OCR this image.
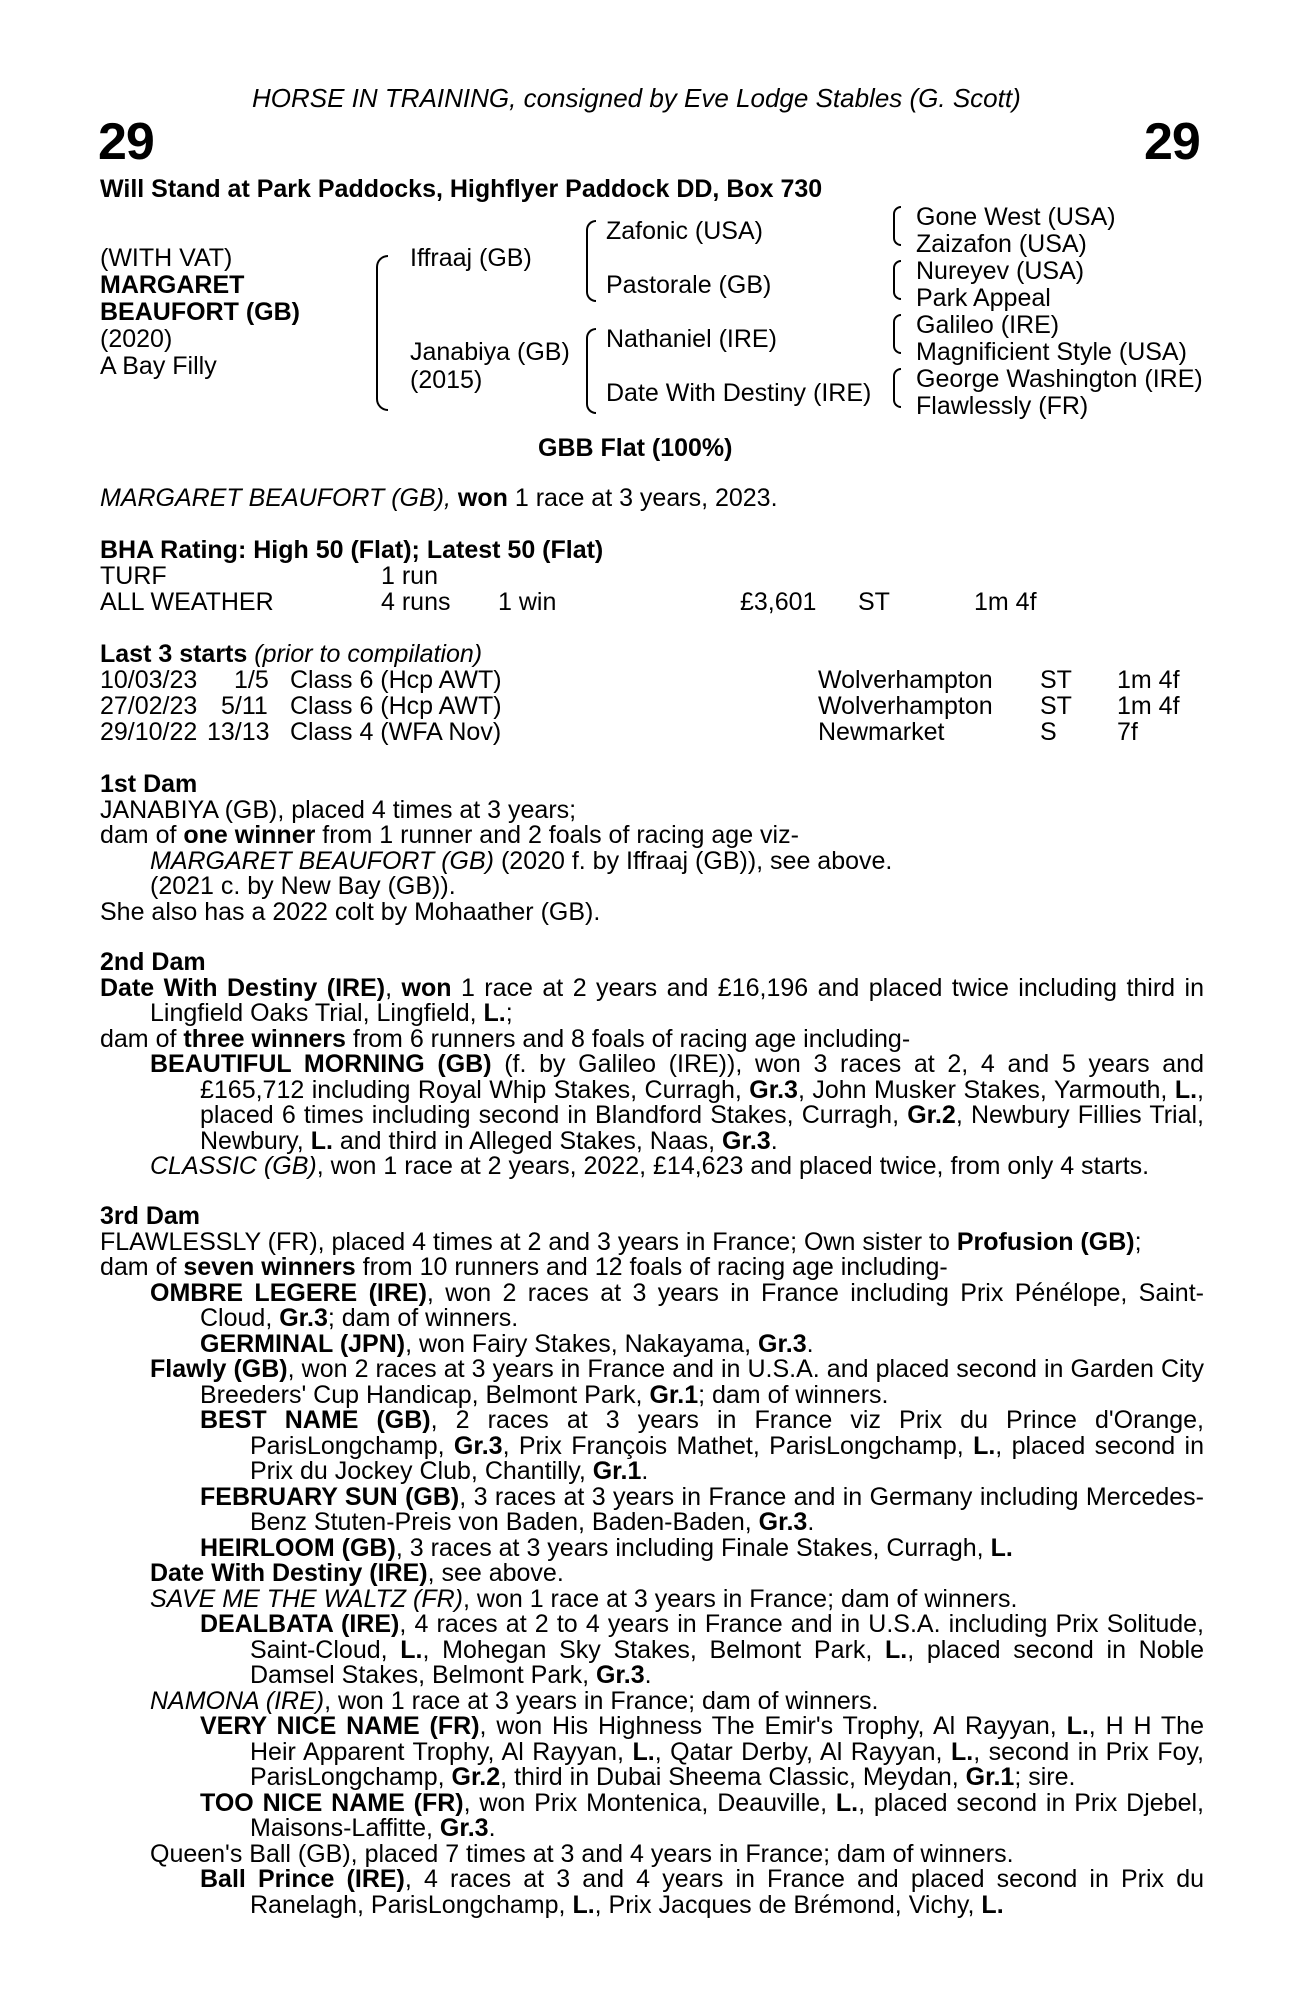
HORSE IN TRAINING, consigned by Eve Lodge Stables (G. Scott)
29	29
Will Stand at Park Paddocks, Highflyer Paddock DD, Box 730
(WITH VAT)
MARGARET
BEAUFORT (GB)
(2020)
A Bay Filly
Iffraaj (GB)
Janabiya (GB)
(2015)
Zafonic (USA)
Pastorale (GB)
Nathaniel (IRE)
Date With Destiny (IRE)
Gone West (USA)
Zaizafon (USA)
Nureyev (USA)
Park Appeal
Galileo (IRE)
Magnificient Style (USA)
George Washington (IRE)
Flawlessly (FR)
GBB Flat (100%)
MARGARET BEAUFORT (GB), won 1 race at 3 years, 2023.
BHA Rating: High 50 (Flat); Latest 50 (Flat)
TURF	1 run
ALL WEATHER	4 runs 1 win	£3,601 ST	1m 4f
Last 3 starts (prior to compilation)
10/03/23 1/5 Class 6 (Hcp AWT)	Wolverhampton ST 1m 4f
27/02/23 5/11 Class 6 (Hcp AWT)	Wolverhampton ST 1m 4f
29/10/22 13/13 Class 4 (WFA Nov)	Newmarket	S 7f

1st Dam

JANABIYA (GB), placed 4 times at 3 years;

dam of one winner from 1 runner and 2 foals of racing age viz-

MARGARET BEAUFORT (GB) (2020 f. by Iffraaj (GB)), see above.

(2021 c. by New Bay (GB)).

She also has a 2022 colt by Mohaather (GB).

2nd Dam

Date With Destiny (IRE), won 1 race at 2 years and £16,196 and placed twice including third in Lingfield Oaks Trial, Lingfield, L.;

dam of three winners from 6 runners and 8 foals of racing age including-

BEAUTIFUL MORNING (GB) (f. by Galileo (IRE)), won 3 races at 2, 4 and 5 years and £165,712 including Royal Whip Stakes, Curragh, Gr.3, John Musker Stakes, Yarmouth, L., placed 6 times including second in Blandford Stakes, Curragh, Gr.2, Newbury Fillies Trial, Newbury, L. and third in Alleged Stakes, Naas, Gr.3.

CLASSIC (GB), won 1 race at 2 years, 2022, £14,623 and placed twice, from only 4 starts.

3rd Dam

FLAWLESSLY (FR), placed 4 times at 2 and 3 years in France; Own sister to Profusion (GB);

dam of seven winners from 10 runners and 12 foals of racing age including-

OMBRE LEGERE (IRE), won 2 races at 3 years in France including Prix Pénélope, Saint-Cloud, Gr.3; dam of winners.

GERMINAL (JPN), won Fairy Stakes, Nakayama, Gr.3.

Flawly (GB), won 2 races at 3 years in France and in U.S.A. and placed second in Garden City Breeders' Cup Handicap, Belmont Park, Gr.1; dam of winners.

BEST NAME (GB), 2 races at 3 years in France viz Prix du Prince d'Orange, ParisLongchamp, Gr.3, Prix François Mathet, ParisLongchamp, L., placed second in Prix du Jockey Club, Chantilly, Gr.1.

FEBRUARY SUN (GB), 3 races at 3 years in France and in Germany including Mercedes-Benz Stuten-Preis von Baden, Baden-Baden, Gr.3.

HEIRLOOM (GB), 3 races at 3 years including Finale Stakes, Curragh, L.

Date With Destiny (IRE), see above.

SAVE ME THE WALTZ (FR), won 1 race at 3 years in France; dam of winners.

DEALBATA (IRE), 4 races at 2 to 4 years in France and in U.S.A. including Prix Solitude, Saint-Cloud, L., Mohegan Sky Stakes, Belmont Park, L., placed second in Noble Damsel Stakes, Belmont Park, Gr.3.

NAMONA (IRE), won 1 race at 3 years in France; dam of winners.

VERY NICE NAME (FR), won His Highness The Emir's Trophy, Al Rayyan, L., H H The Heir Apparent Trophy, Al Rayyan, L., Qatar Derby, Al Rayyan, L., second in Prix Foy, ParisLongchamp, Gr.2, third in Dubai Sheema Classic, Meydan, Gr.1; sire.

TOO NICE NAME (FR), won Prix Montenica, Deauville, L., placed second in Prix Djebel, Maisons-Laffitte, Gr.3.

Queen's Ball (GB), placed 7 times at 3 and 4 years in France; dam of winners.

Ball Prince (IRE), 4 races at 3 and 4 years in France and placed second in Prix du Ranelagh, ParisLongchamp, L., Prix Jacques de Brémond, Vichy, L.
